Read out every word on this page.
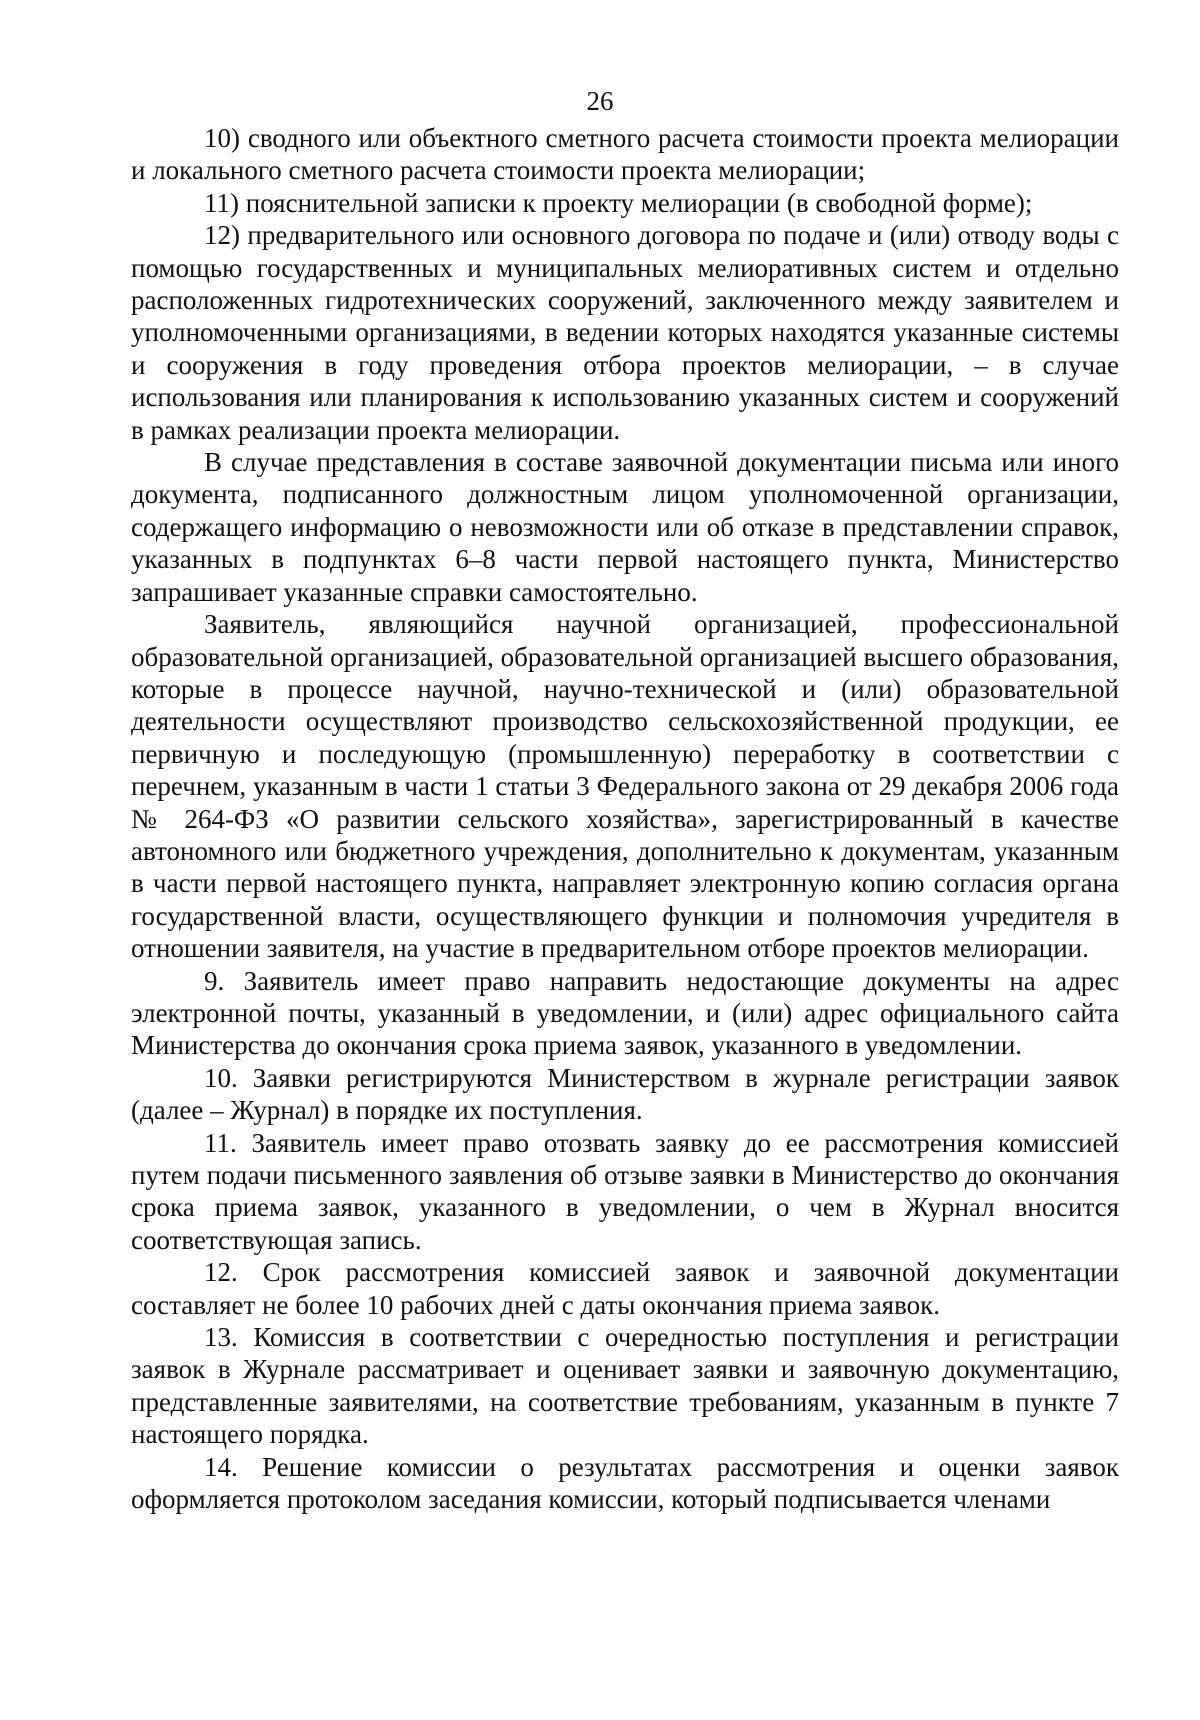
26

10) сводного или объектного сметного расчета стоимости проекта мелиорации и локального сметного расчета стоимости проекта мелиорации;

11) пояснительной записки к проекту мелиорации (в свободной форме);

12) предварительного или основного договора по подаче и (или) отводу воды с помощью государственных и муниципальных мелиоративных систем и отдельно расположенных гидротехнических сооружений, заключенного между заявителем и уполномоченными организациями, в ведении которых находятся указанные системы и сооружения в году проведения отбора проектов мелиорации, – в случае использования или планирования к использованию указанных систем и сооружений в рамках реализации проекта мелиорации.

В случае представления в составе заявочной документации письма или иного документа, подписанного должностным лицом уполномоченной организации, содержащего информацию о невозможности или об отказе в представлении справок, указанных в подпунктах 6–8 части первой настоящего пункта, Министерство запрашивает указанные справки самостоятельно.

Заявитель, являющийся научной организацией, профессиональной образовательной организацией, образовательной организацией высшего образования, которые в процессе научной, научно-технической и (или) образовательной деятельности осуществляют производство сельскохозяйственной продукции, ее первичную и последующую (промышленную) переработку в соответствии с перечнем, указанным в части 1 статьи 3 Федерального закона от 29 декабря 2006 года № 264-ФЗ «О развитии сельского хозяйства», зарегистрированный в качестве автономного или бюджетного учреждения, дополнительно к документам, указанным в части первой настоящего пункта, направляет электронную копию согласия органа государственной власти, осуществляющего функции и полномочия учредителя в отношении заявителя, на участие в предварительном отборе проектов мелиорации.

9. Заявитель имеет право направить недостающие документы на адрес электронной почты, указанный в уведомлении, и (или) адрес официального сайта Министерства до окончания срока приема заявок, указанного в уведомлении.

10. Заявки регистрируются Министерством в журнале регистрации заявок (далее – Журнал) в порядке их поступления.

11. Заявитель имеет право отозвать заявку до ее рассмотрения комиссией путем подачи письменного заявления об отзыве заявки в Министерство до окончания срока приема заявок, указанного в уведомлении, о чем в Журнал вносится соответствующая запись.

12. Срок рассмотрения комиссией заявок и заявочной документации составляет не более 10 рабочих дней с даты окончания приема заявок.

13. Комиссия в соответствии с очередностью поступления и регистрации заявок в Журнале рассматривает и оценивает заявки и заявочную документацию, представленные заявителями, на соответствие требованиям, указанным в пункте 7 настоящего порядка.

14. Решение комиссии о результатах рассмотрения и оценки заявок оформляется протоколом заседания комиссии, который подписывается членами
